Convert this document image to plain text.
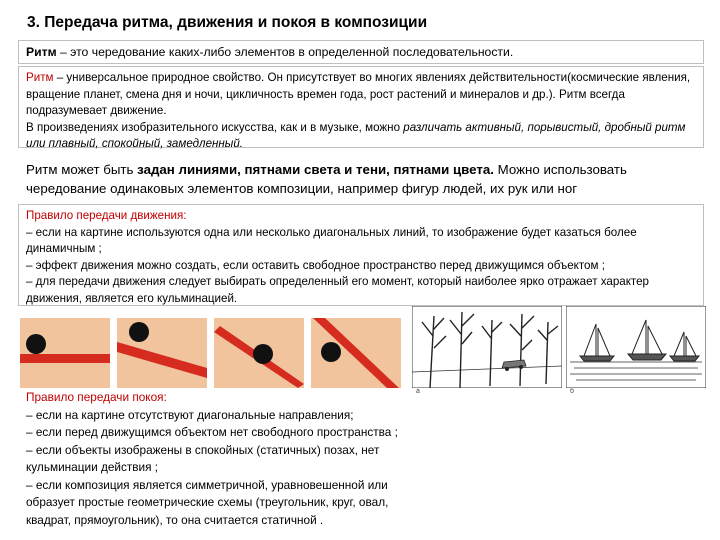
3. Передача ритма, движения и покоя в композиции
Ритм – это чередование каких-либо элементов в определенной последовательности.
Ритм – универсальное природное свойство. Он присутствует во многих явлениях действительности(космические явления, вращение планет, смена дня и ночи, цикличность времен года, рост растений и минералов и др.). Ритм всегда подразумевает движение.
В произведениях изобразительного искусства, как и в музыке, можно различать активный, порывистый, дробный ритм или плавный, спокойный, замедленный.
Ритм может быть задан линиями, пятнами света и тени, пятнами цвета. Можно использовать чередование одинаковых элементов композиции, например фигур людей, их рук или ног
Правило передачи движения:
– если на картине используются одна или несколько диагональных линий, то изображение будет казаться более динамичным ;
– эффект движения можно создать, если оставить свободное пространство перед движущимся объектом ;
– для передачи движения следует выбирать определенный его момент, который наиболее ярко отражает характер движения, является его кульминацией.
а	б
Правило передачи покоя:
– если на картине отсутствуют диагональные направления;
– если перед движущимся объектом нет свободного пространства ;
– если объекты изображены в спокойных (статичных) позах, нет кульминации действия ;
– если композиция является симметричной, уравновешенной или образует простые геометрические схемы (треугольник, круг, овал, квадрат, прямоугольник), то она считается статичной .
